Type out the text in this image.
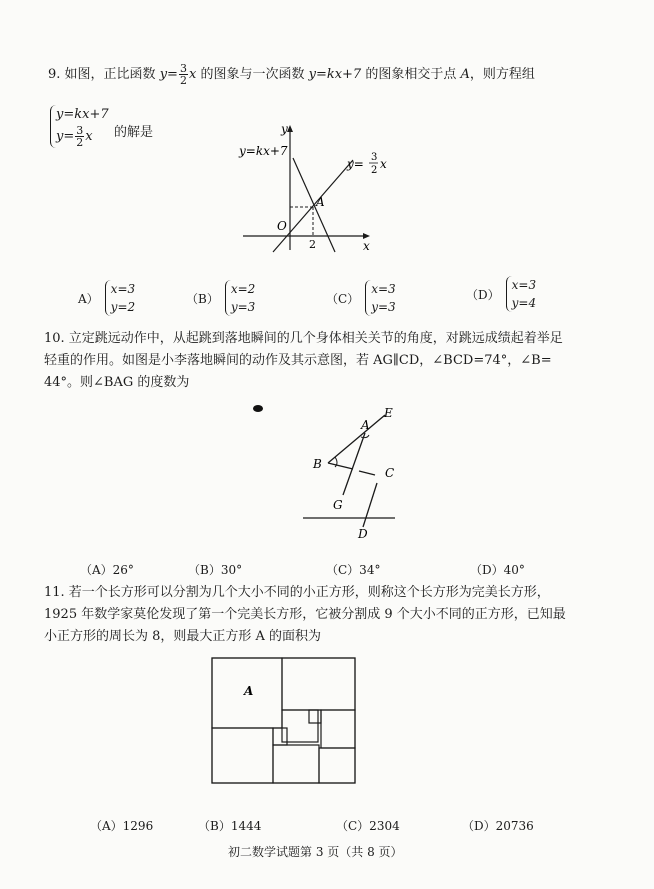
9. 如图，正比函数 $y= \frac{3}{2}$ x 的图象与一次函数 y=kx+7 的图象相交于点 A，则方程组
y=kx+7
$y= \frac{3}{2}$ x	的解是	y
x
O
A
2
y=kx+7
y= 3
2 x
A）
x=3
y=2
（B）
x=2
y=3
（C）
x=3
y=3
（D）
x=3
y=4
10. 立定跳远动作中，从起跳到落地瞬间的几个身体相关关节的角度，对跳远成绩起着举足
轻重的作用。如图是小李落地瞬间的动作及其示意图，若 AG∥CD，∠BCD=74°，∠B=
44°。则∠BAG 的度数为
E
A
B
C
G
D
（A）26°	（B）30°	（C）34°	（D）40°
11. 若一个长方形可以分割为几个大小不同的小正方形，则称这个长方形为完美长方形，
1925 年数学家莫伦发现了第一个完美长方形，它被分割成 9 个大小不同的正方形，已知最
小正方形的周长为 8，则最大正方形 A 的面积为
A
（A）1296	（B）1444	（C）2304	（D）20736
初二数学试题第 3 页（共 8 页）
